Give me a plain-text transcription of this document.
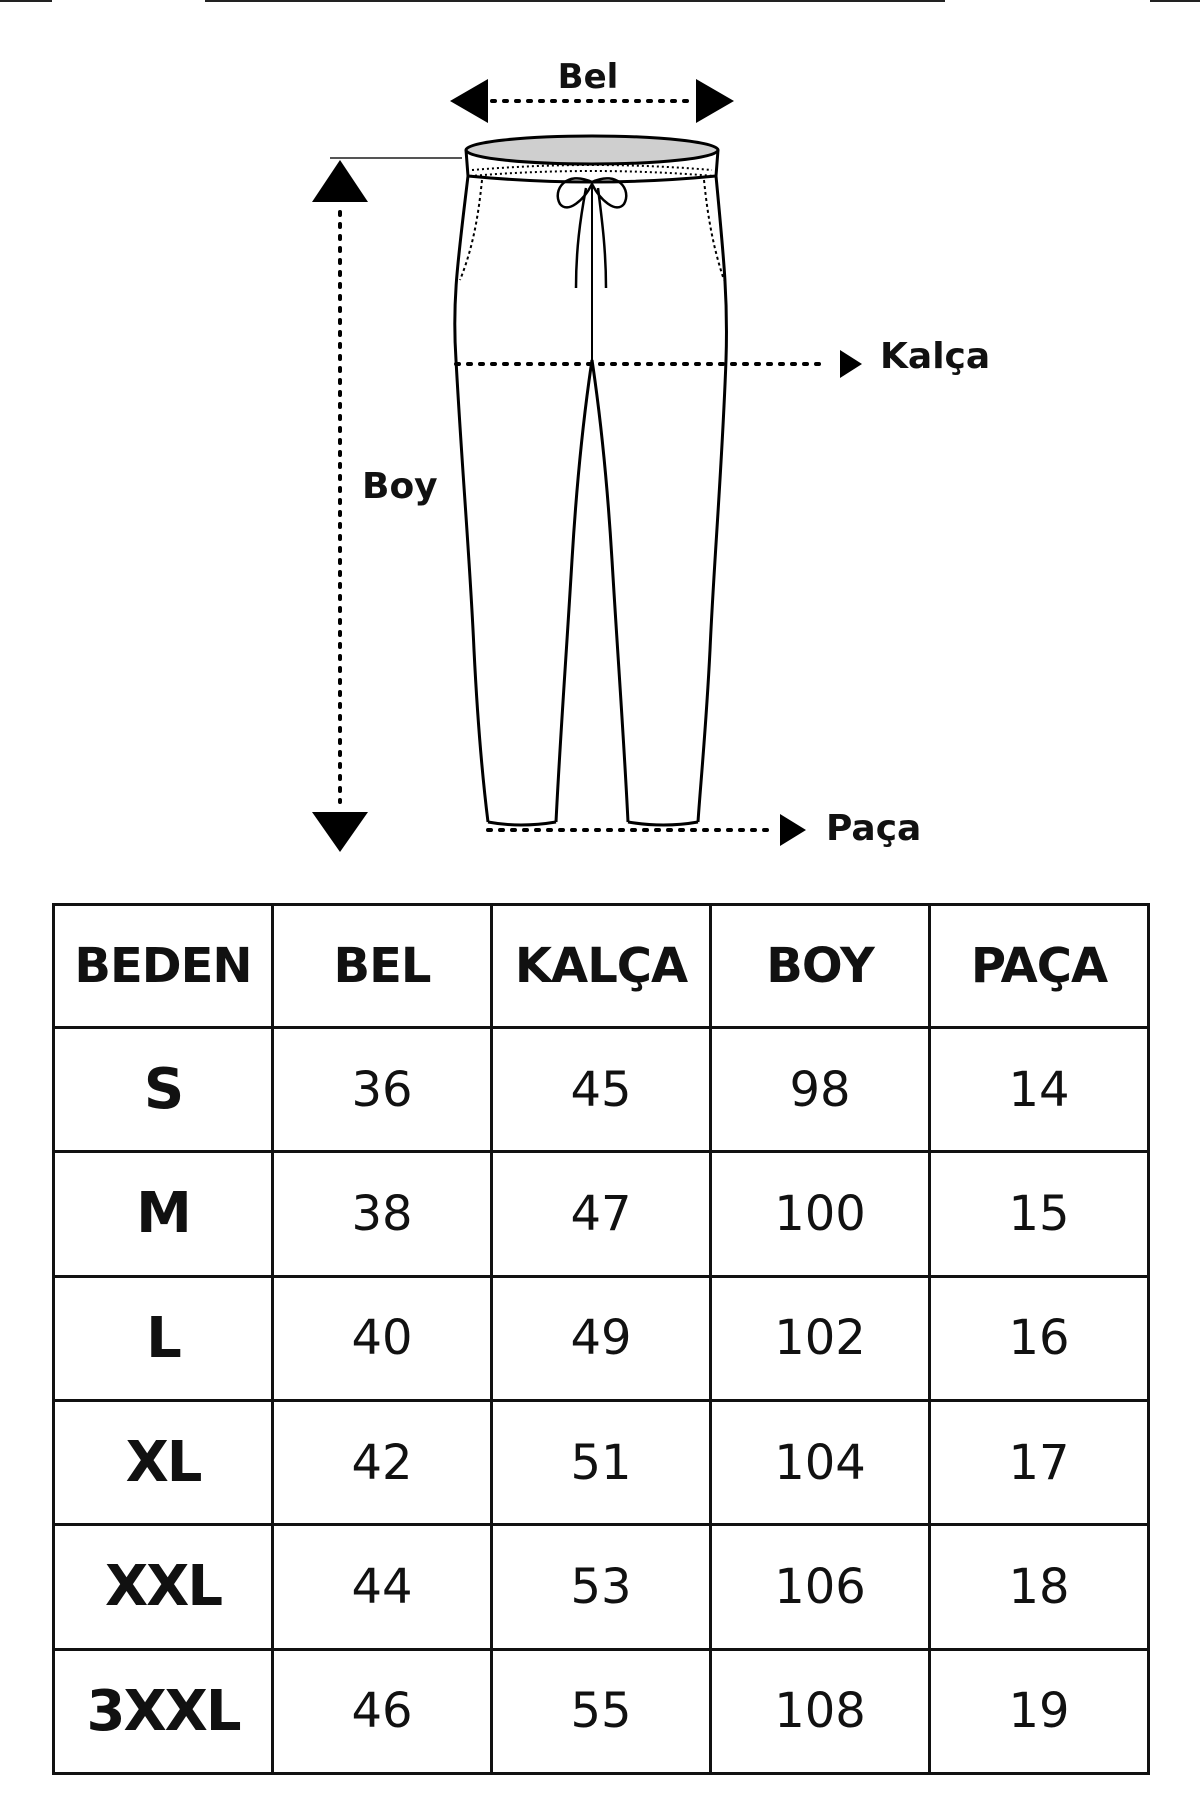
Bel
Boy
Kalça
Paça
BEDEN	BEL	KALÇA	BOY	PAÇA
S	36	45	98	14
M	38	47	100	15
L	40	49	102	16
XL	42	51	104	17
XXL	44	53	106	18
3XXL	46	55	108	19
